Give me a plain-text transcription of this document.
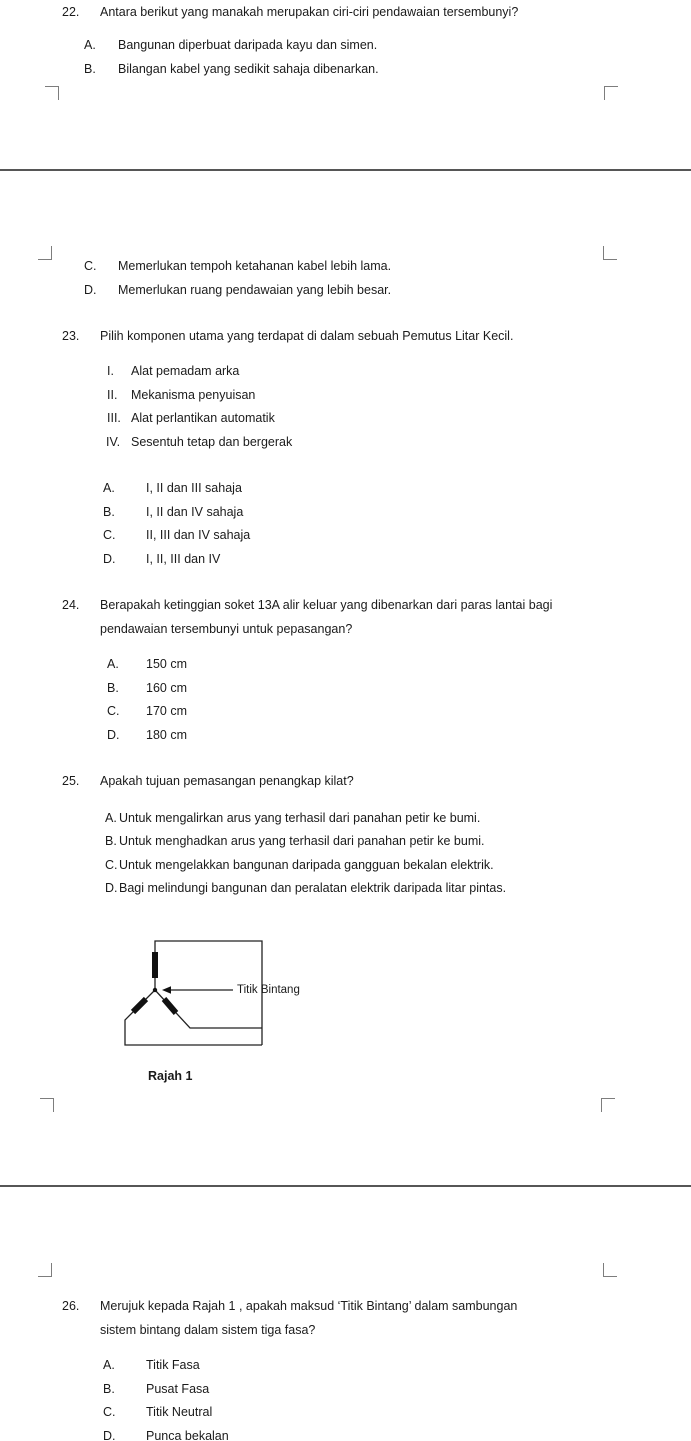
22. Antara berikut yang manakah merupakan ciri-ciri pendawaian tersembunyi?
A. Bangunan diperbuat daripada kayu dan simen.
B. Bilangan kabel yang sedikit sahaja dibenarkan.
C. Memerlukan tempoh ketahanan kabel lebih lama.
D. Memerlukan ruang pendawaian yang lebih besar.
23. Pilih komponen utama yang terdapat di dalam sebuah Pemutus Litar Kecil.
I. Alat pemadam arka
II. Mekanisma penyuisan
III. Alat perlantikan automatik
IV. Sesentuh tetap dan bergerak
A. I, II dan III sahaja
B. I, II dan IV sahaja
C. II, III dan IV sahaja
D. I, II, III dan IV
24. Berapakah ketinggian soket 13A alir keluar yang dibenarkan dari paras lantai bagi
pendawaian tersembunyi untuk pepasangan?
A. 150 cm
B. 160 cm
C. 170 cm
D. 180 cm
25. Apakah tujuan pemasangan penangkap kilat?
A. Untuk mengalirkan arus yang terhasil dari panahan petir ke bumi.
B. Untuk menghadkan arus yang terhasil dari panahan petir ke bumi.
C. Untuk mengelakkan bangunan daripada gangguan bekalan elektrik.
D. Bagi melindungi bangunan dan peralatan elektrik daripada litar pintas.
Titik Bintang
Rajah 1
26. Merujuk kepada Rajah 1 , apakah maksud ‘Titik Bintang’ dalam sambungan
sistem bintang dalam sistem tiga fasa?
A. Titik Fasa
B. Pusat Fasa
C. Titik Neutral
D. Punca bekalan
